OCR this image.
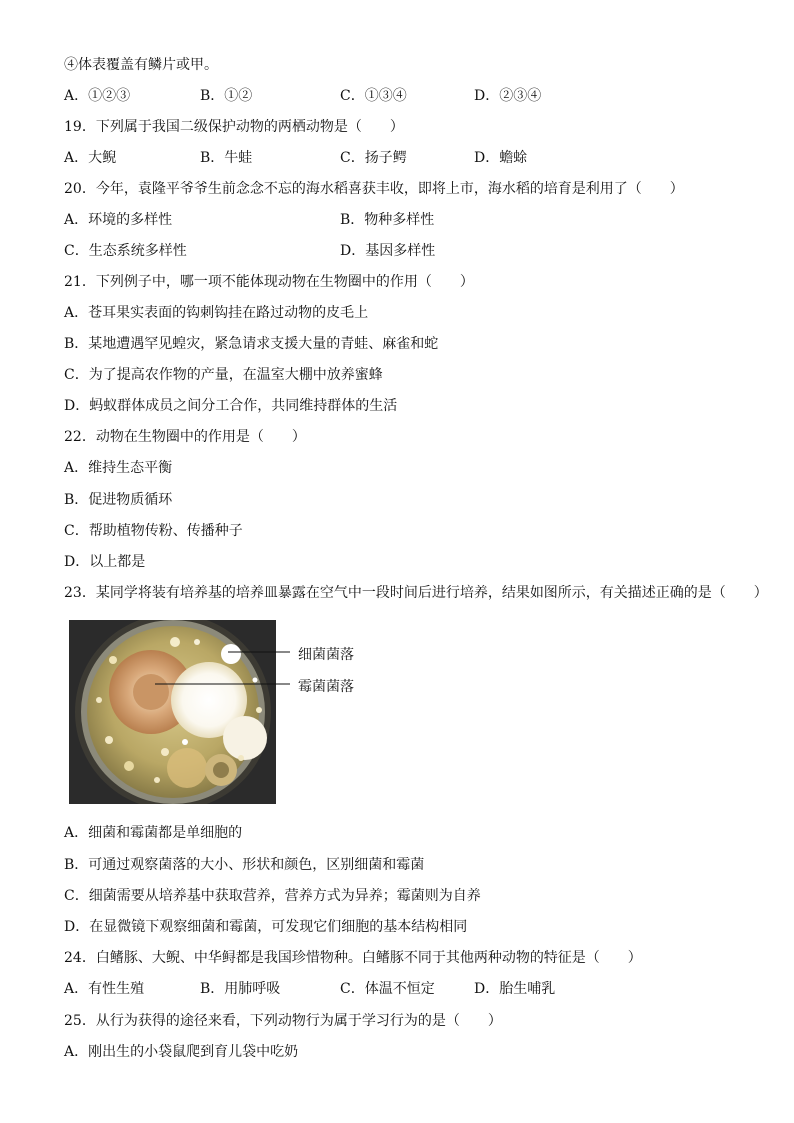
④体表覆盖有鳞片或甲。
A．①②③	B．①②	C．①③④	D．②③④
19．下列属于我国二级保护动物的两栖动物是（　　）
A．大鲵	B．牛蛙	C．扬子鳄	D．蟾蜍
20．今年，袁隆平爷爷生前念念不忘的海水稻喜获丰收，即将上市，海水稻的培育是利用了（　　）
A．环境的多样性	B．物种多样性
C．生态系统多样性	D．基因多样性
21．下列例子中，哪一项不能体现动物在生物圈中的作用（　　）
A．苍耳果实表面的钩刺钩挂在路过动物的皮毛上
B．某地遭遇罕见蝗灾，紧急请求支援大量的青蛙、麻雀和蛇
C．为了提高农作物的产量，在温室大棚中放养蜜蜂
D．蚂蚁群体成员之间分工合作，共同维持群体的生活
22．动物在生物圈中的作用是（　　）
A．维持生态平衡
B．促进物质循环
C．帮助植物传粉、传播种子
D．以上都是
23．某同学将装有培养基的培养皿暴露在空气中一段时间后进行培养，结果如图所示，有关描述正确的是（　　）
细菌菌落
霉菌菌落
A．细菌和霉菌都是单细胞的
B．可通过观察菌落的大小、形状和颜色，区别细菌和霉菌
C．细菌需要从培养基中获取营养，营养方式为异养；霉菌则为自养
D．在显微镜下观察细菌和霉菌，可发现它们细胞的基本结构相同
24．白鳍豚、大鲵、中华鲟都是我国珍惜物种。白鳍豚不同于其他两种动物的特征是（　　）
A．有性生殖	B．用肺呼吸	C．体温不恒定	D．胎生哺乳
25．从行为获得的途径来看，下列动物行为属于学习行为的是（　　）
A．刚出生的小袋鼠爬到育儿袋中吃奶
